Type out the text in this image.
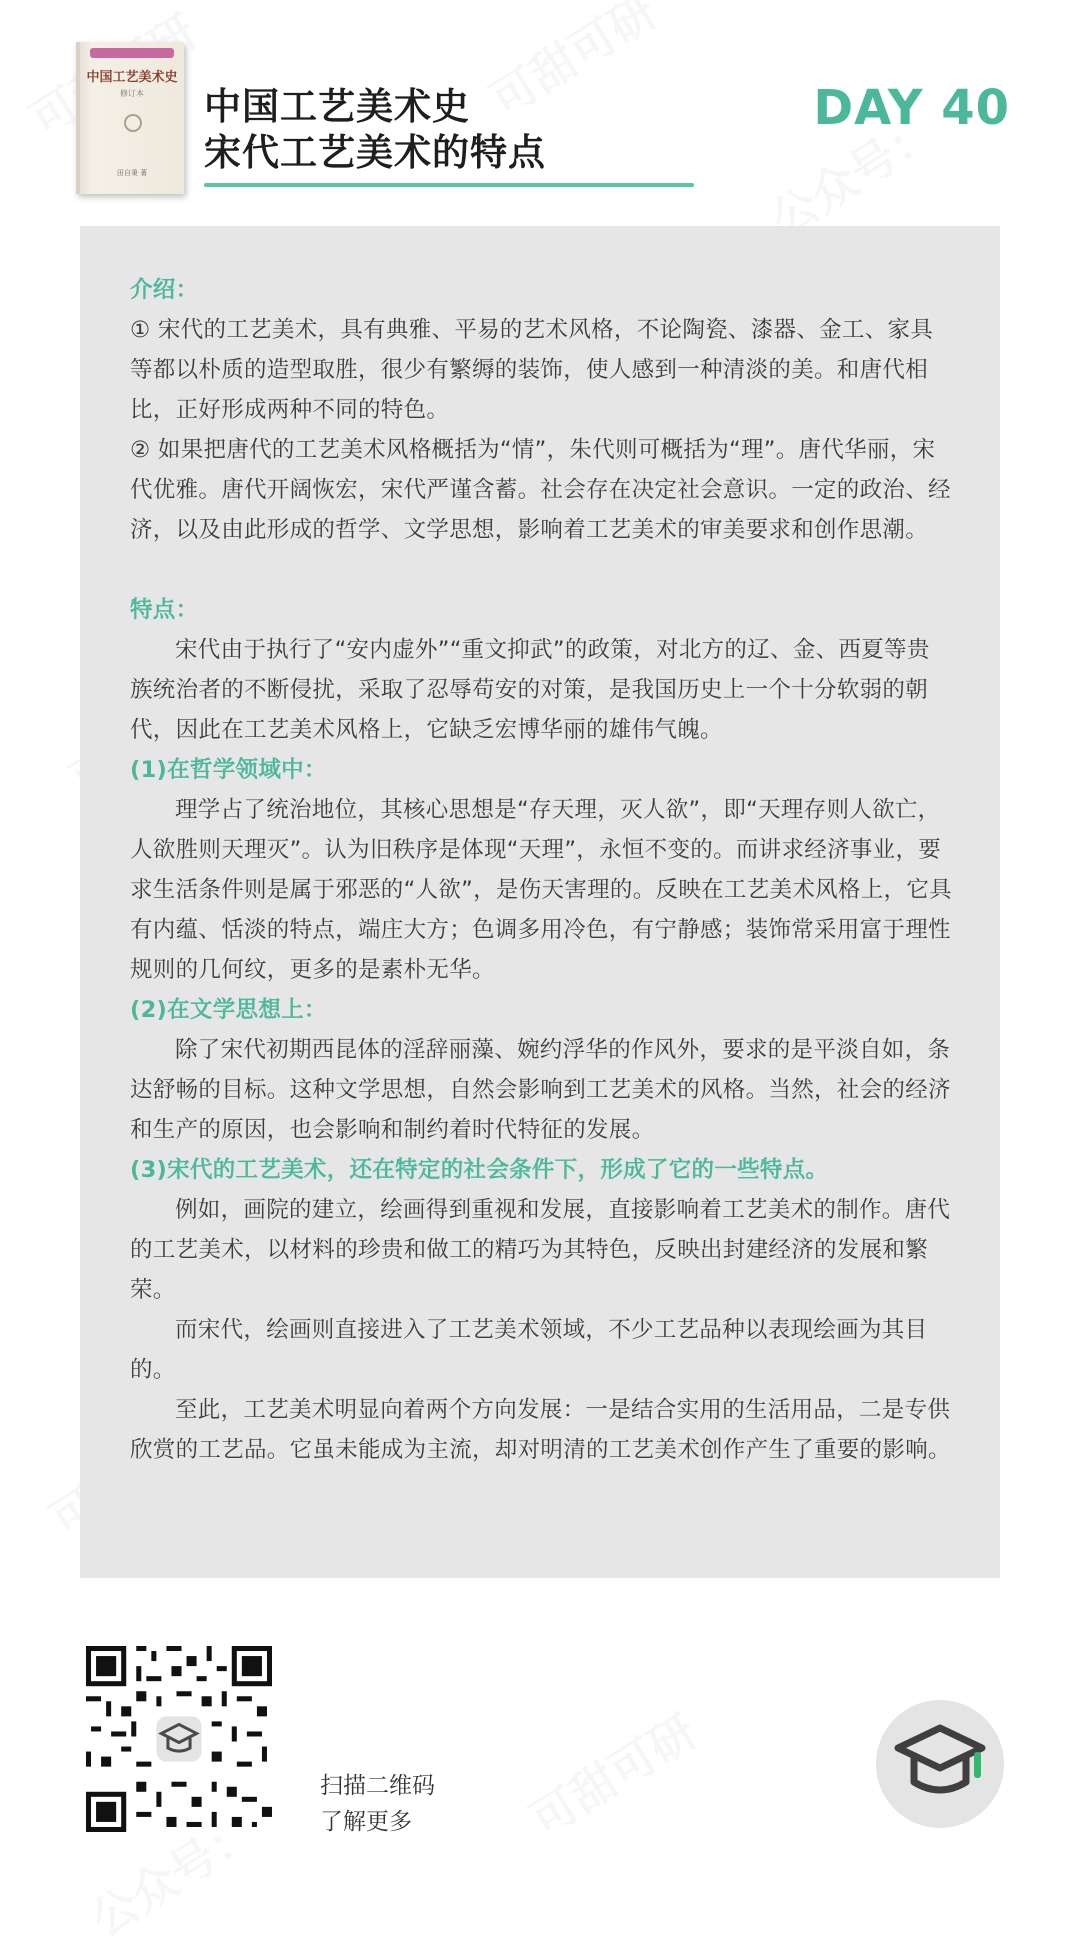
中国工艺美术史
修订本
田自秉 著
中国工艺美术史
宋代工艺美术的特点
DAY 40

介绍：

① 宋代的工艺美术，具有典雅、平易的艺术风格，不论陶瓷、漆器、金工、家具等都以朴质的造型取胜，很少有繁缛的装饰，使人感到一种清淡的美。和唐代相比，正好形成两种不同的特色。

② 如果把唐代的工艺美术风格概括为“情”，朱代则可概括为“理”。唐代华丽，宋代优雅。唐代开阔恢宏，宋代严谨含蓄。社会存在决定社会意识。一定的政治、经济，以及由此形成的哲学、文学思想，影响着工艺美术的审美要求和创作思潮。

特点：

宋代由于执行了“安内虚外”“重文抑武”的政策，对北方的辽、金、西夏等贵族统治者的不断侵扰，采取了忍辱苟安的对策，是我国历史上一个十分软弱的朝代，因此在工艺美术风格上，它缺乏宏博华丽的雄伟气魄。

(1)在哲学领域中：

理学占了统治地位，其核心思想是“存天理，灭人欲”，即“天理存则人欲亡，人欲胜则天理灭”。认为旧秩序是体现“天理”，永恒不变的。而讲求经济事业，要求生活条件则是属于邪恶的“人欲”，是伤天害理的。反映在工艺美术风格上，它具有内蕴、恬淡的特点，端庄大方；色调多用冷色，有宁静感；装饰常采用富于理性规则的几何纹，更多的是素朴无华。

(2)在文学思想上：

除了宋代初期西昆体的淫辞丽藻、婉约浮华的作风外，要求的是平淡自如，条达舒畅的目标。这种文学思想，自然会影响到工艺美术的风格。当然，社会的经济和生产的原因，也会影响和制约着时代特征的发展。

(3)宋代的工艺美术，还在特定的社会条件下，形成了它的一些特点。

例如，画院的建立，绘画得到重视和发展，直接影响着工艺美术的制作。唐代的工艺美术，以材料的珍贵和做工的精巧为其特色，反映出封建经济的发展和繁荣。

而宋代，绘画则直接进入了工艺美术领域，不少工艺品种以表现绘画为其目的。

至此，工艺美术明显向着两个方向发展：一是结合实用的生活用品，二是专供欣赏的工艺品。它虽未能成为主流，却对明清的工艺美术创作产生了重要的影响。

扫描二维码
了解更多
